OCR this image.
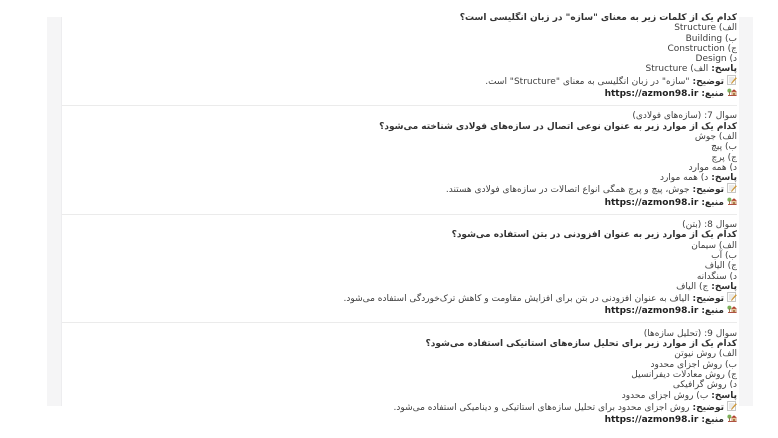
کدام یک از کلمات زیر به معنای "سازه" در زبان انگلیسی است؟
الف) Structure
ب) Building
ج) Construction
د) Design
پاسخ:الف) Structure
توضیح:"سازه" در زبان انگلیسی به معنای "Structure" است.
منبع:https://azmon98.ir
سوال 7: (سازه‌های فولادی)
کدام یک از موارد زیر به عنوان نوعی اتصال در سازه‌های فولادی شناخته می‌شود؟
الف) جوش
ب) پیچ
ج) پرچ
د) همه موارد
پاسخ:د) همه موارد
توضیح:جوش، پیچ و پرچ همگی انواع اتصالات در سازه‌های فولادی هستند.
منبع:https://azmon98.ir
سوال 8: (بتن)
کدام یک از موارد زیر به عنوان افزودنی در بتن استفاده می‌شود؟
الف) سیمان
ب) آب
ج) الیاف
د) سنگدانه
پاسخ:ج) الیاف
توضیح:الیاف به عنوان افزودنی در بتن برای افزایش مقاومت و کاهش ترک‌خوردگی استفاده می‌شود.
منبع:https://azmon98.ir
سوال 9: (تحلیل سازه‌ها)
کدام یک از موارد زیر برای تحلیل سازه‌های استاتیکی استفاده می‌شود؟
الف) روش نیوتن
ب) روش اجزای محدود
ج) روش معادلات دیفرانسیل
د) روش گرافیکی
پاسخ:ب) روش اجزای محدود
توضیح:روش اجزای محدود برای تحلیل سازه‌های استاتیکی و دینامیکی استفاده می‌شود.
منبع:https://azmon98.ir
